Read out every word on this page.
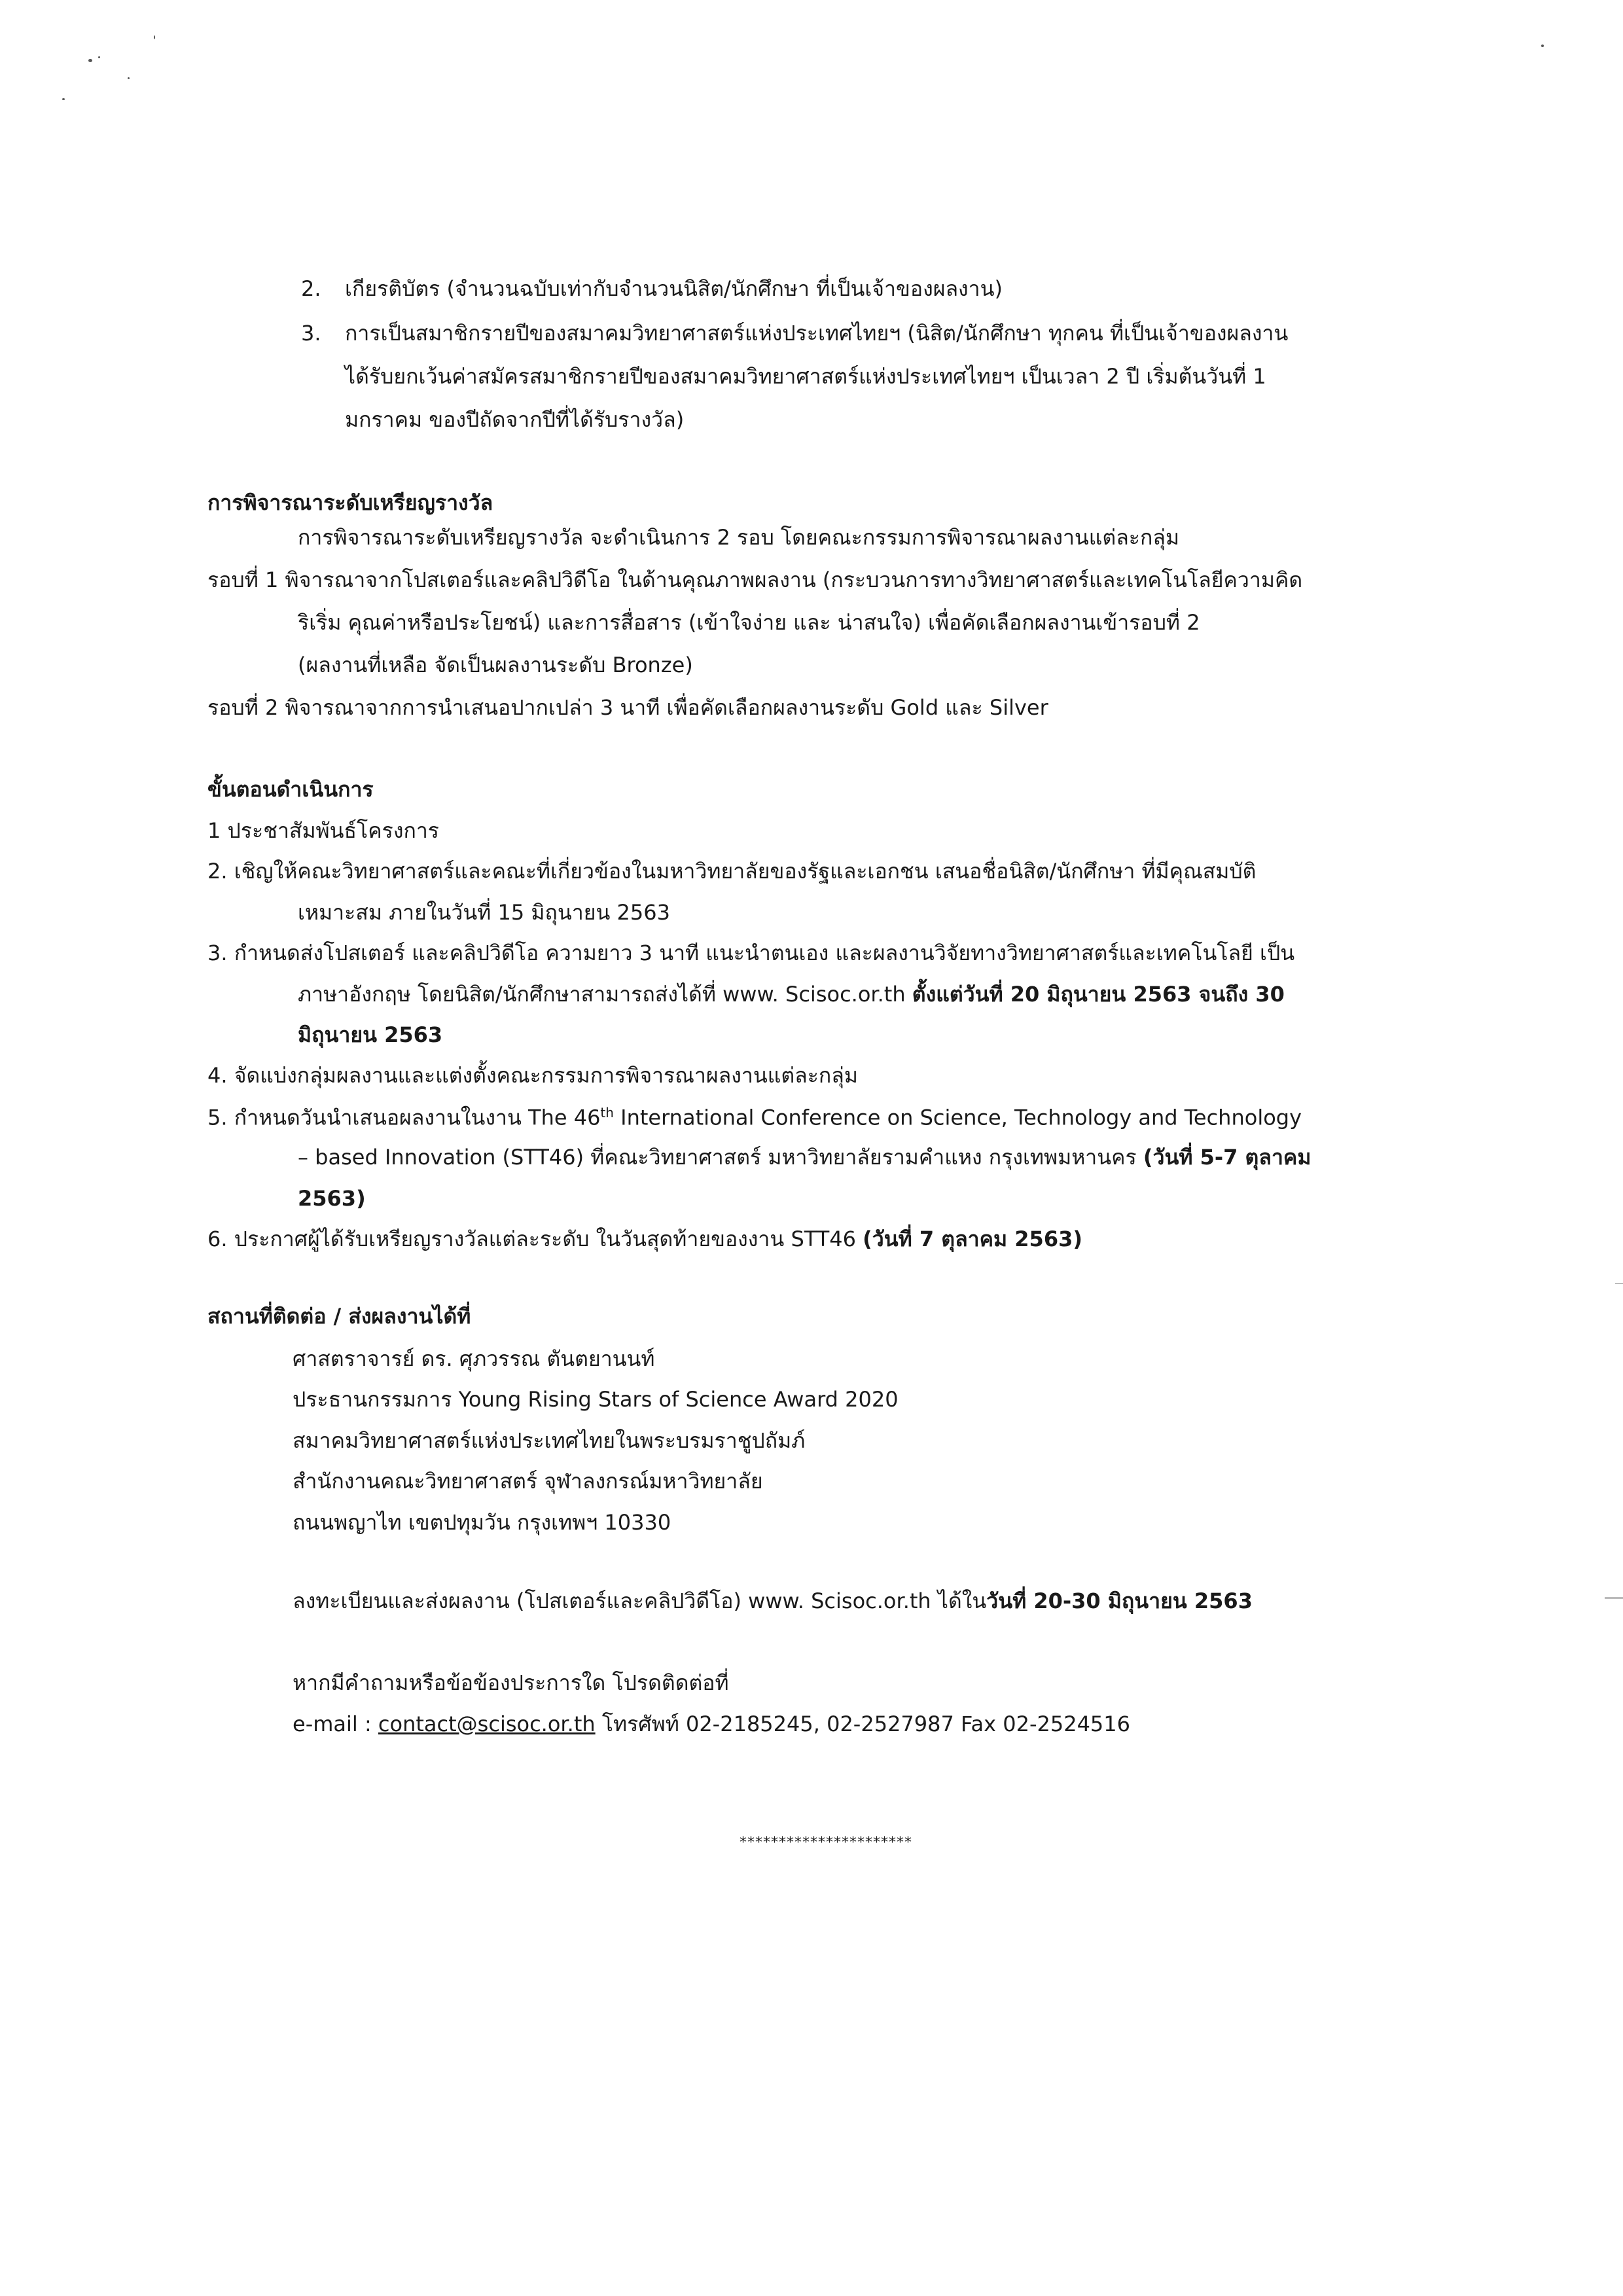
2. เกียรติบัตร (จำนวนฉบับเท่ากับจำนวนนิสิต/นักศึกษา ที่เป็นเจ้าของผลงาน)
3. การเป็นสมาชิกรายปีของสมาคมวิทยาศาสตร์แห่งประเทศไทยฯ (นิสิต/นักศึกษา ทุกคน ที่เป็นเจ้าของผลงาน
ได้รับยกเว้นค่าสมัครสมาชิกรายปีของสมาคมวิทยาศาสตร์แห่งประเทศไทยฯ เป็นเวลา 2 ปี เริ่มต้นวันที่ 1
มกราคม ของปีถัดจากปีที่ได้รับรางวัล)
การพิจารณาระดับเหรียญรางวัล
การพิจารณาระดับเหรียญรางวัล จะดำเนินการ 2 รอบ โดยคณะกรรมการพิจารณาผลงานแต่ละกลุ่ม
รอบที่ 1 พิจารณาจากโปสเตอร์และคลิปวิดีโอ ในด้านคุณภาพผลงาน (กระบวนการทางวิทยาศาสตร์และเทคโนโลยีความคิด
ริเริ่ม คุณค่าหรือประโยชน์) และการสื่อสาร (เข้าใจง่าย และ น่าสนใจ) เพื่อคัดเลือกผลงานเข้ารอบที่ 2
(ผลงานที่เหลือ จัดเป็นผลงานระดับ Bronze)
รอบที่ 2 พิจารณาจากการนำเสนอปากเปล่า 3 นาที เพื่อคัดเลือกผลงานระดับ Gold และ Silver
ขั้นตอนดำเนินการ
1 ประชาสัมพันธ์โครงการ
2. เชิญให้คณะวิทยาศาสตร์และคณะที่เกี่ยวข้องในมหาวิทยาลัยของรัฐและเอกชน เสนอชื่อนิสิต/นักศึกษา ที่มีคุณสมบัติ
เหมาะสม ภายในวันที่ 15 มิถุนายน 2563
3. กำหนดส่งโปสเตอร์ และคลิปวิดีโอ ความยาว 3 นาที แนะนำตนเอง และผลงานวิจัยทางวิทยาศาสตร์และเทคโนโลยี เป็น
ภาษาอังกฤษ โดยนิสิต/นักศึกษาสามารถส่งได้ที่ www. Scisoc.or.th ตั้งแต่วันที่ 20 มิถุนายน 2563 จนถึง 30
มิถุนายน 2563
4. จัดแบ่งกลุ่มผลงานและแต่งตั้งคณะกรรมการพิจารณาผลงานแต่ละกลุ่ม
5. กำหนดวันนำเสนอผลงานในงาน The 46th International Conference on Science, Technology and Technology
– based Innovation (STT46) ที่คณะวิทยาศาสตร์ มหาวิทยาลัยรามคำแหง กรุงเทพมหานคร (วันที่ 5-7 ตุลาคม
2563)
6. ประกาศผู้ได้รับเหรียญรางวัลแต่ละระดับ ในวันสุดท้ายของงาน STT46 (วันที่ 7 ตุลาคม 2563)
สถานที่ติดต่อ / ส่งผลงานได้ที่
ศาสตราจารย์ ดร. ศุภวรรณ ตันตยานนท์
ประธานกรรมการ Young Rising Stars of Science Award 2020
สมาคมวิทยาศาสตร์แห่งประเทศไทยในพระบรมราชูปถัมภ์
สำนักงานคณะวิทยาศาสตร์ จุฬาลงกรณ์มหาวิทยาลัย
ถนนพญาไท เขตปทุมวัน กรุงเทพฯ 10330
ลงทะเบียนและส่งผลงาน (โปสเตอร์และคลิปวิดีโอ) www. Scisoc.or.th ได้ในวันที่ 20-30 มิถุนายน 2563
หากมีคำถามหรือข้อข้องประการใด โปรดติดต่อที่
e-mail : contact@scisoc.or.th โทรศัพท์ 02-2185245, 02-2527987 Fax 02-2524516
**********************
